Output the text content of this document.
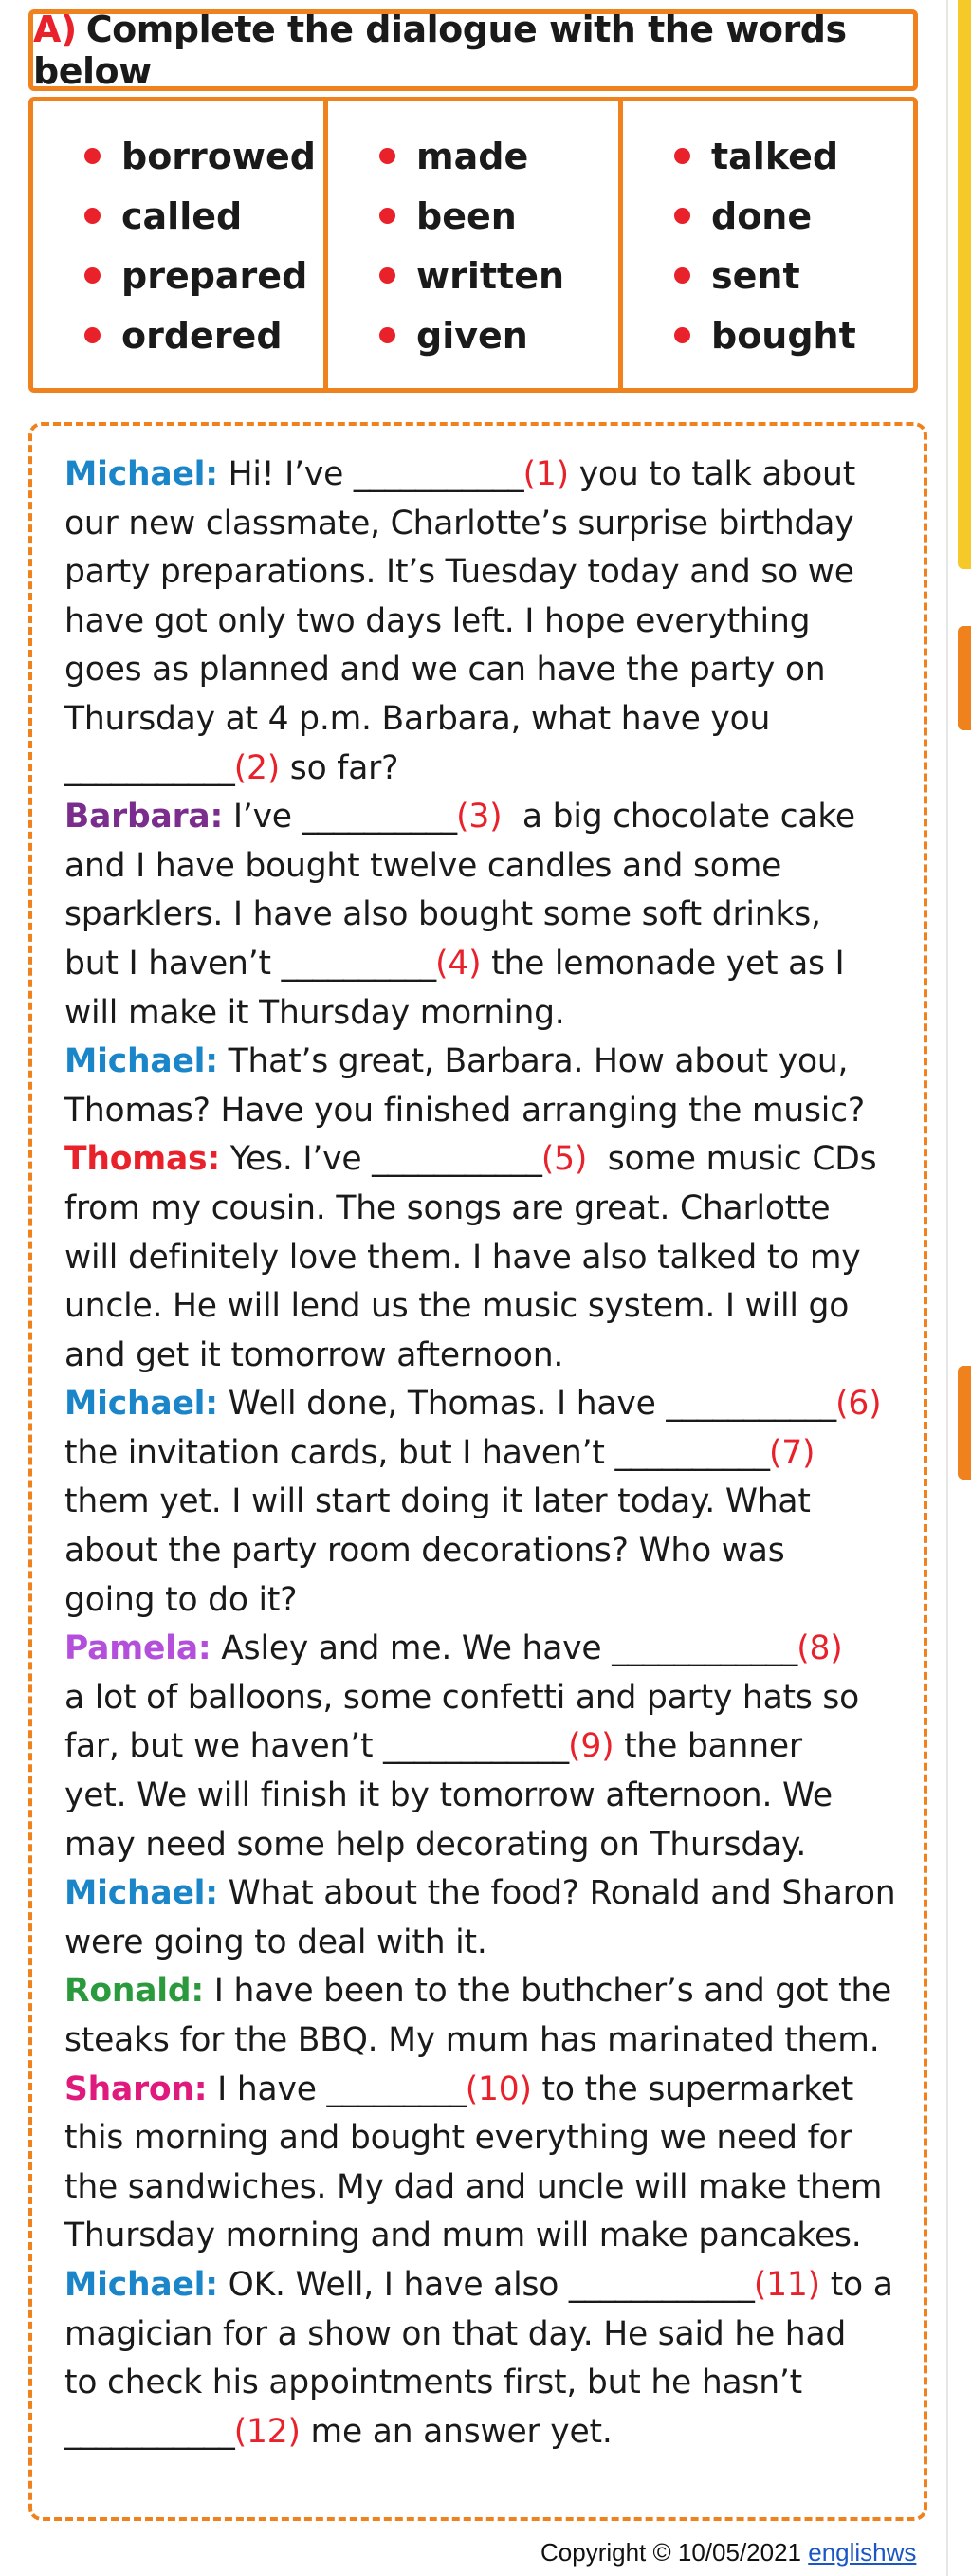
A) Complete the dialogue with the words below
borrowed
called
prepared
ordered
made
been
written
given
talked
done
sent
bought
Michael: Hi! I’ve ___________(1) you to talk about
our new classmate, Charlotte’s surprise birthday
party preparations. It’s Tuesday today and so we
have got only two days left. I hope everything
goes as planned and we can have the party on
Thursday at 4 p.m. Barbara, what have you
___________(2) so far?
Barbara: I’ve __________(3)  a big chocolate cake
and I have bought twelve candles and some
sparklers. I have also bought some soft drinks,
but I haven’t __________(4) the lemonade yet as I
will make it Thursday morning.
Michael: That’s great, Barbara. How about you,
Thomas? Have you finished arranging the music?
Thomas: Yes. I’ve ___________(5)  some music CDs
from my cousin. The songs are great. Charlotte
will definitely love them. I have also talked to my
uncle. He will lend us the music system. I will go
and get it tomorrow afternoon.
Michael: Well done, Thomas. I have ___________(6)
the invitation cards, but I haven’t __________(7)
them yet. I will start doing it later today. What
about the party room decorations? Who was
going to do it?
Pamela: Asley and me. We have ____________(8)
a lot of balloons, some confetti and party hats so
far, but we haven’t ____________(9) the banner
yet. We will finish it by tomorrow afternoon. We
may need some help decorating on Thursday.
Michael: What about the food? Ronald and Sharon
were going to deal with it.
Ronald: I have been to the buthcher’s and got the
steaks for the BBQ. My mum has marinated them.
Sharon: I have _________(10) to the supermarket
this morning and bought everything we need for
the sandwiches. My dad and uncle will make them
Thursday morning and mum will make pancakes.
Michael: OK. Well, I have also ____________(11) to a
magician for a show on that day. He said he had
to check his appointments first, but he hasn’t
___________(12) me an answer yet.
Copyright © 10/05/2021 englishws
